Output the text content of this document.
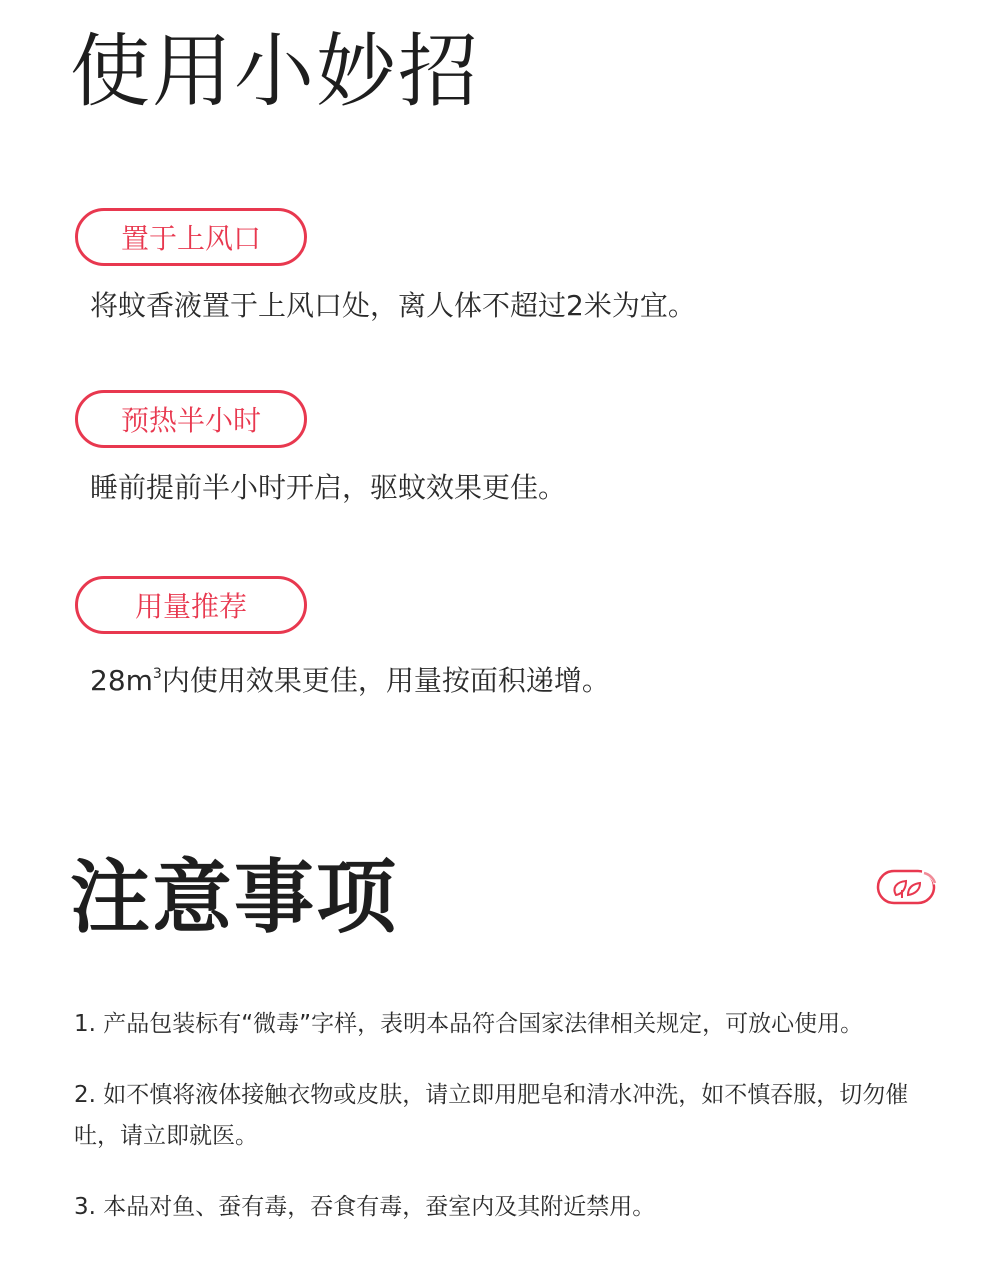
使用小妙招
置于上风口

将蚊香液置于上风口处，离人体不超过2米为宜。

预热半小时

睡前提前半小时开启，驱蚊效果更佳。

用量推荐

$28m^3$内使用效果更佳，用量按面积递增。

注意事项

1. 产品包装标有“微毒”字样，表明本品符合国家法律相关规定，可放心使用。

2. 如不慎将液体接触衣物或皮肤，请立即用肥皂和清水冲洗，如不慎吞服，切勿催吐，请立即就医。

3. 本品对鱼、蚕有毒，吞食有毒，蚕室内及其附近禁用。
